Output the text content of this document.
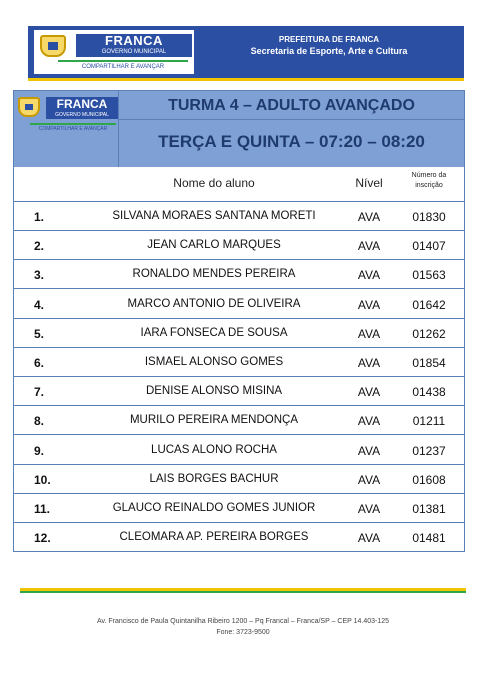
FRANCA
GOVERNO MUNICIPAL
COMPARTILHAR E AVANÇAR
PREFEITURA DE FRANCA
Secretaria de Esporte, Arte e Cultura
FRANCA
GOVERNO MUNICIPAL
COMPARTILHAR E AVANÇAR
TURMA 4 – ADULTO AVANÇADO
TERÇA E QUINTA – 07:20 – 08:20
Nome do aluno	Nível
Número da
inscrição
1.	SILVANA MORAES SANTANA MORETI	AVA	01830
2.	JEAN CARLO MARQUES	AVA	01407
3.	RONALDO MENDES PEREIRA	AVA	01563
4.	MARCO ANTONIO DE OLIVEIRA	AVA	01642
5.	IARA FONSECA DE SOUSA	AVA	01262
6.	ISMAEL ALONSO GOMES	AVA	01854
7.	DENISE ALONSO MISINA	AVA	01438
8.	MURILO PEREIRA MENDONÇA	AVA	01211
9.	LUCAS ALONO ROCHA	AVA	01237
10.	LAIS BORGES BACHUR	AVA	01608
11.	GLAUCO REINALDO GOMES JUNIOR	AVA	01381
12.	CLEOMARA AP. PEREIRA BORGES	AVA	01481
Av. Francisco de Paula Quintanilha Ribeiro 1200 – Pq Francal – Franca/SP – CEP 14.403-125
Fone: 3723-9500
